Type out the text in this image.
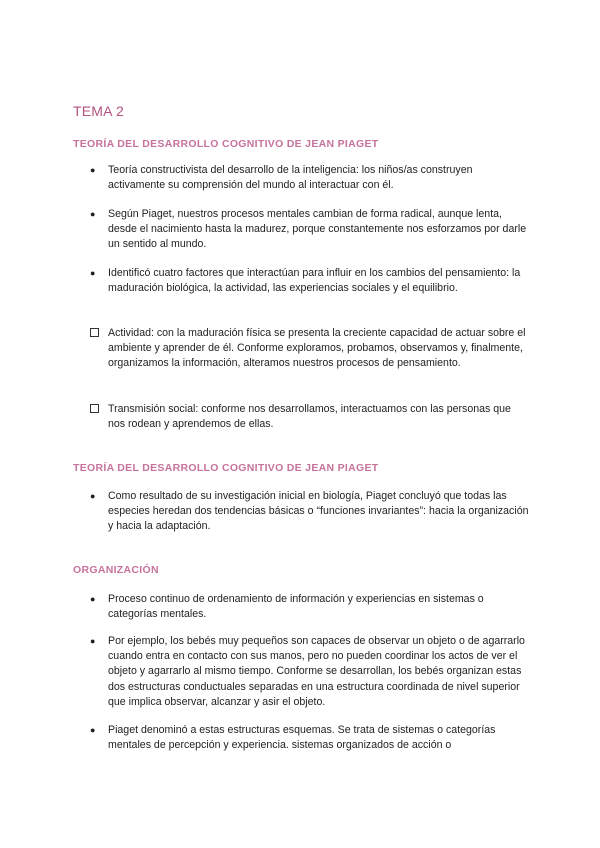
TEMA 2
TEORÍA DEL DESARROLLO COGNITIVO DE JEAN PIAGET
● Teoría constructivista del desarrollo de la inteligencia: los niños/as construyen activamente su comprensión del mundo al interactuar con él.
● Según Piaget, nuestros procesos mentales cambian de forma radical, aunque lenta, desde el nacimiento hasta la madurez, porque constantemente nos esforzamos por darle un sentido al mundo.
● Identificó cuatro factores que interactúan para influir en los cambios del pensamiento: la maduración biológica, la actividad, las experiencias sociales y el equilibrio.
Actividad: con la maduración física se presenta la creciente capacidad de actuar sobre el ambiente y aprender de él. Conforme exploramos, probamos, observamos y, finalmente, organizamos la información, alteramos nuestros procesos de pensamiento.
Transmisión social: conforme nos desarrollamos, interactuamos con las personas que nos rodean y aprendemos de ellas.
TEORÍA DEL DESARROLLO COGNITIVO DE JEAN PIAGET
● Como resultado de su investigación inicial en biología, Piaget concluyó que todas las especies heredan dos tendencias básicas o “funciones invariantes”: hacia la organización y hacia la adaptación.
ORGANIZACIÓN
● Proceso continuo de ordenamiento de información y experiencias en sistemas o categorías mentales.
● Por ejemplo, los bebés muy pequeños son capaces de observar un objeto o de agarrarlo cuando entra en contacto con sus manos, pero no pueden coordinar los actos de ver el objeto y agarrarlo al mismo tiempo. Conforme se desarrollan, los bebés organizan estas dos estructuras conductuales separadas en una estructura coordinada de nivel superior que implica observar, alcanzar y asir el objeto.
● Piaget denominó a estas estructuras esquemas. Se trata de sistemas o categorías mentales de percepción y experiencia. sistemas organizados de acción o
